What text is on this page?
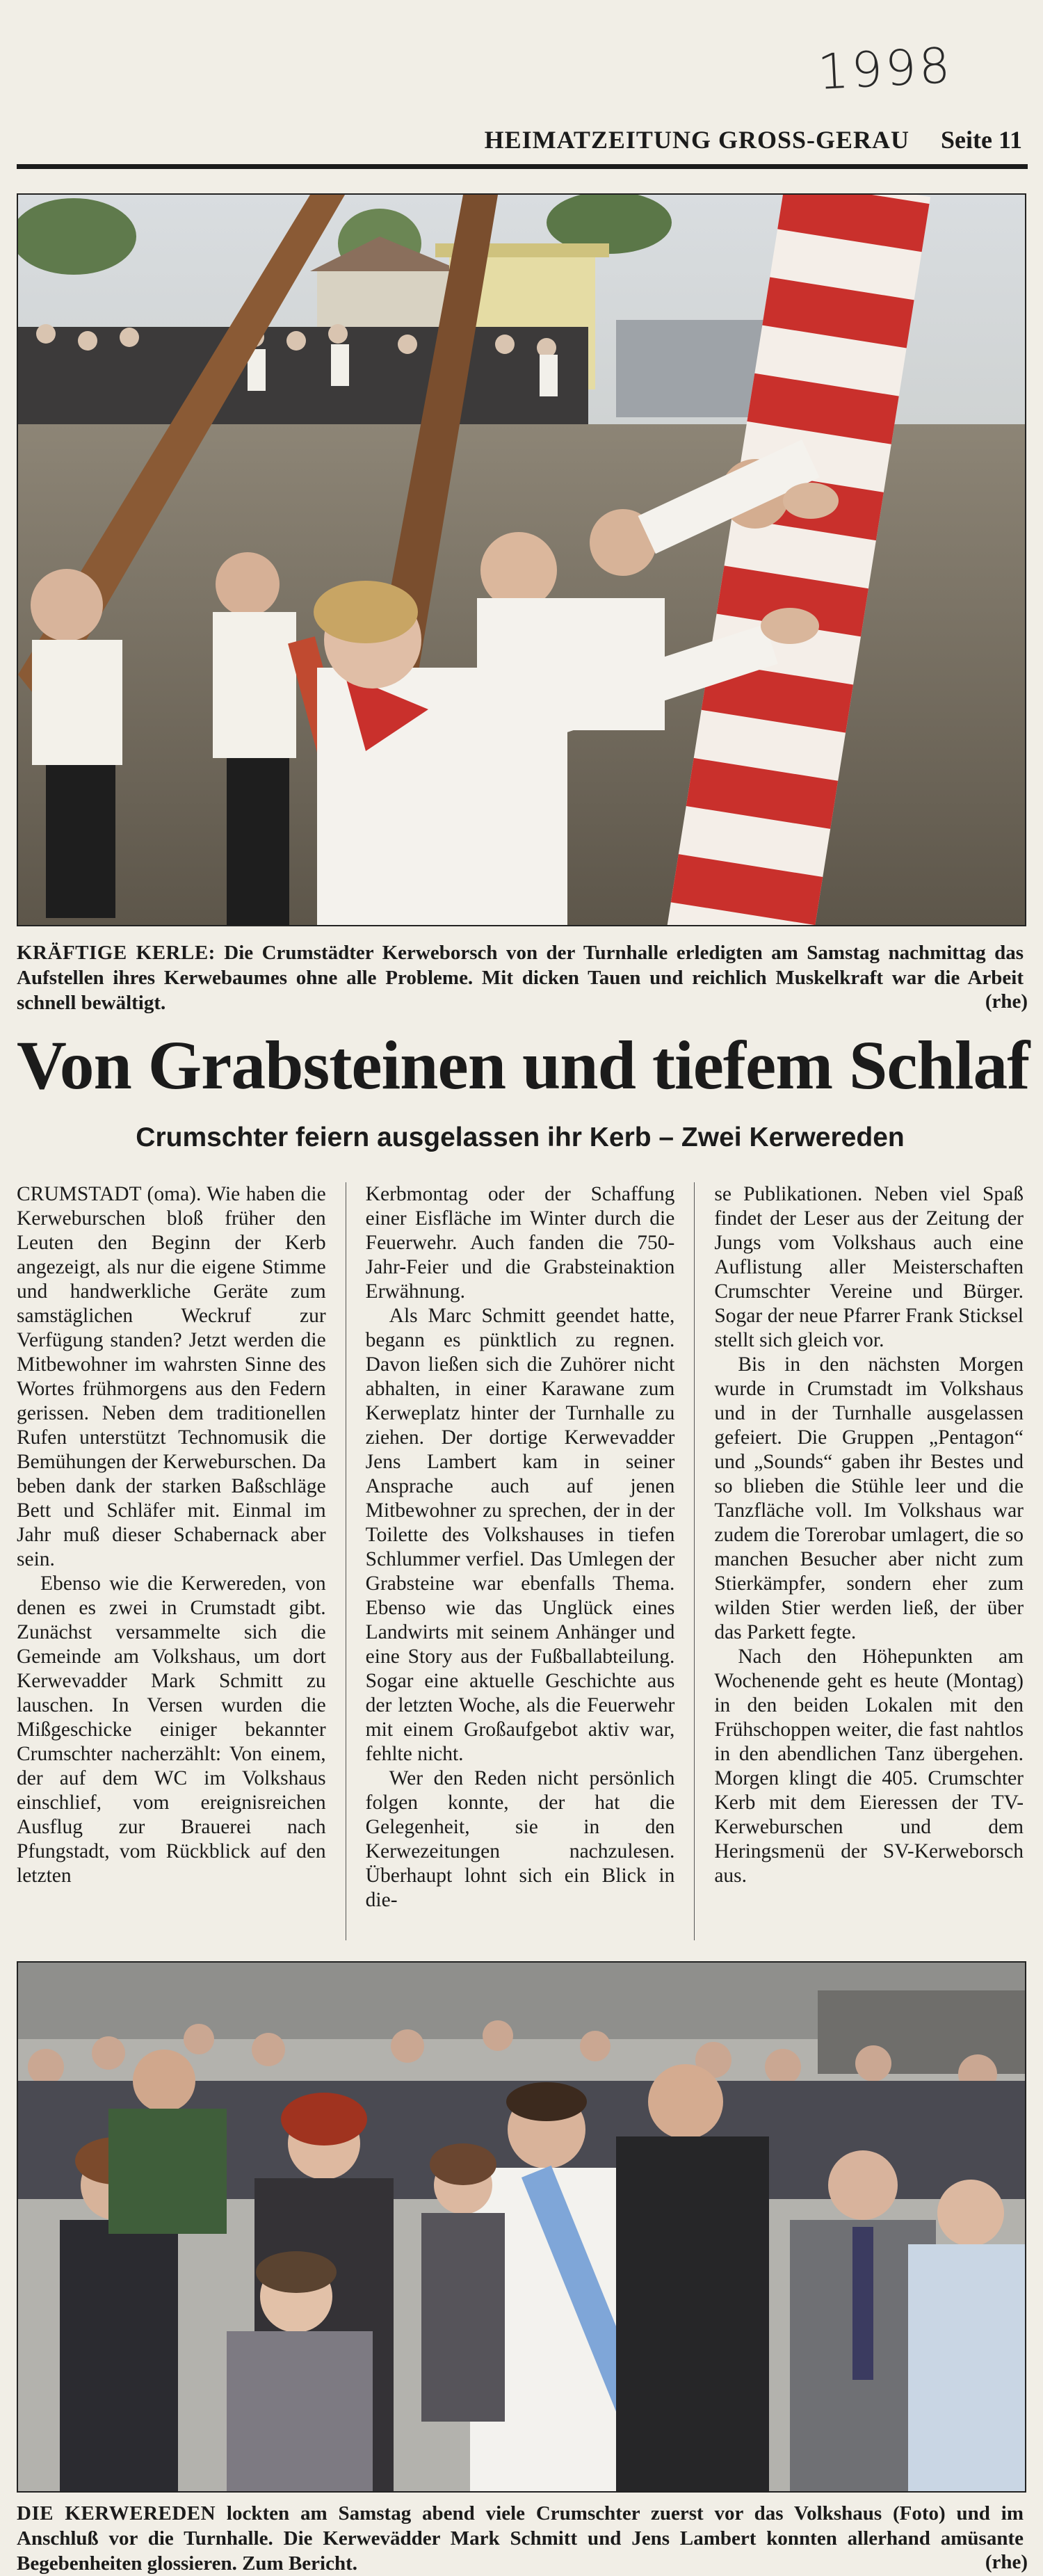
1998
HEIMATZEITUNG GROSS-GERAU Seite 11
KRÄFTIGE KERLE: Die Crumstädter Kerweborsch von der Turnhalle erledigten am Samstag nachmittag das Aufstellen ihres Kerwebaumes ohne alle Probleme. Mit dicken Tauen und reichlich Muskelkraft war die Arbeit schnell bewältigt.	(rhe)
Von Grabsteinen und tiefem Schlaf
Crumschter feiern ausgelassen ihr Kerb – Zwei Kerwereden

CRUMSTADT (oma). Wie haben die Kerweburschen bloß früher den Leuten den Beginn der Kerb angezeigt, als nur die eigene Stimme und handwerkliche Geräte zum samstäglichen Weckruf zur Verfügung standen? Jetzt werden die Mitbewohner im wahrsten Sinne des Wortes frühmorgens aus den Federn gerissen. Neben dem traditionellen Rufen unterstützt Technomusik die Bemühungen der Kerweburschen. Da beben dank der starken Baßschläge Bett und Schläfer mit. Einmal im Jahr muß dieser Schabernack aber sein.

Ebenso wie die Kerwereden, von denen es zwei in Crumstadt gibt. Zunächst versammelte sich die Gemeinde am Volkshaus, um dort Kerwevadder Mark Schmitt zu lauschen. In Versen wurden die Mißgeschicke einiger bekannter Crumschter nacherzählt: Von einem, der auf dem WC im Volkshaus einschlief, vom ereignisreichen Ausflug zur Brauerei nach Pfungstadt, vom Rückblick auf den letzten

Kerbmontag oder der Schaffung einer Eisfläche im Winter durch die Feuerwehr. Auch fanden die 750-Jahr-Feier und die Grabsteinaktion Erwähnung.

Als Marc Schmitt geendet hatte, begann es pünktlich zu regnen. Davon ließen sich die Zuhörer nicht abhalten, in einer Karawane zum Kerweplatz hinter der Turnhalle zu ziehen. Der dortige Kerwevadder Jens Lambert kam in seiner Ansprache auch auf jenen Mitbewohner zu sprechen, der in der Toilette des Volkshauses in tiefen Schlummer verfiel. Das Umlegen der Grabsteine war ebenfalls Thema. Ebenso wie das Unglück eines Landwirts mit seinem Anhänger und eine Story aus der Fußballabteilung. Sogar eine aktuelle Geschichte aus der letzten Woche, als die Feuerwehr mit einem Großaufgebot aktiv war, fehlte nicht.

Wer den Reden nicht persönlich folgen konnte, der hat die Gelegenheit, sie in den Kerwezeitungen nachzulesen. Überhaupt lohnt sich ein Blick in die-

se Publikationen. Neben viel Spaß findet der Leser aus der Zeitung der Jungs vom Volkshaus auch eine Auflistung aller Meisterschaften Crumschter Vereine und Bürger. Sogar der neue Pfarrer Frank Sticksel stellt sich gleich vor.

Bis in den nächsten Morgen wurde in Crumstadt im Volkshaus und in der Turnhalle ausgelassen gefeiert. Die Gruppen „Pentagon“ und „Sounds“ gaben ihr Bestes und so blieben die Stühle leer und die Tanzfläche voll. Im Volkshaus war zudem die Torerobar umlagert, die so manchen Besucher aber nicht zum Stierkämpfer, sondern eher zum wilden Stier werden ließ, der über das Parkett fegte.

Nach den Höhepunkten am Wochenende geht es heute (Montag) in den beiden Lokalen mit den Frühschoppen weiter, die fast nahtlos in den abendlichen Tanz übergehen. Morgen klingt die 405. Crumschter Kerb mit dem Eieressen der TV-Kerweburschen und dem Heringsmenü der SV-Kerweborsch aus.

DIE KERWEREDEN lockten am Samstag abend viele Crumschter zuerst vor das Volkshaus (Foto) und im Anschluß vor die Turnhalle. Die Kerwevädder Mark Schmitt und Jens Lambert konnten allerhand amüsante Begebenheiten glossieren. Zum Bericht.	(rhe)
